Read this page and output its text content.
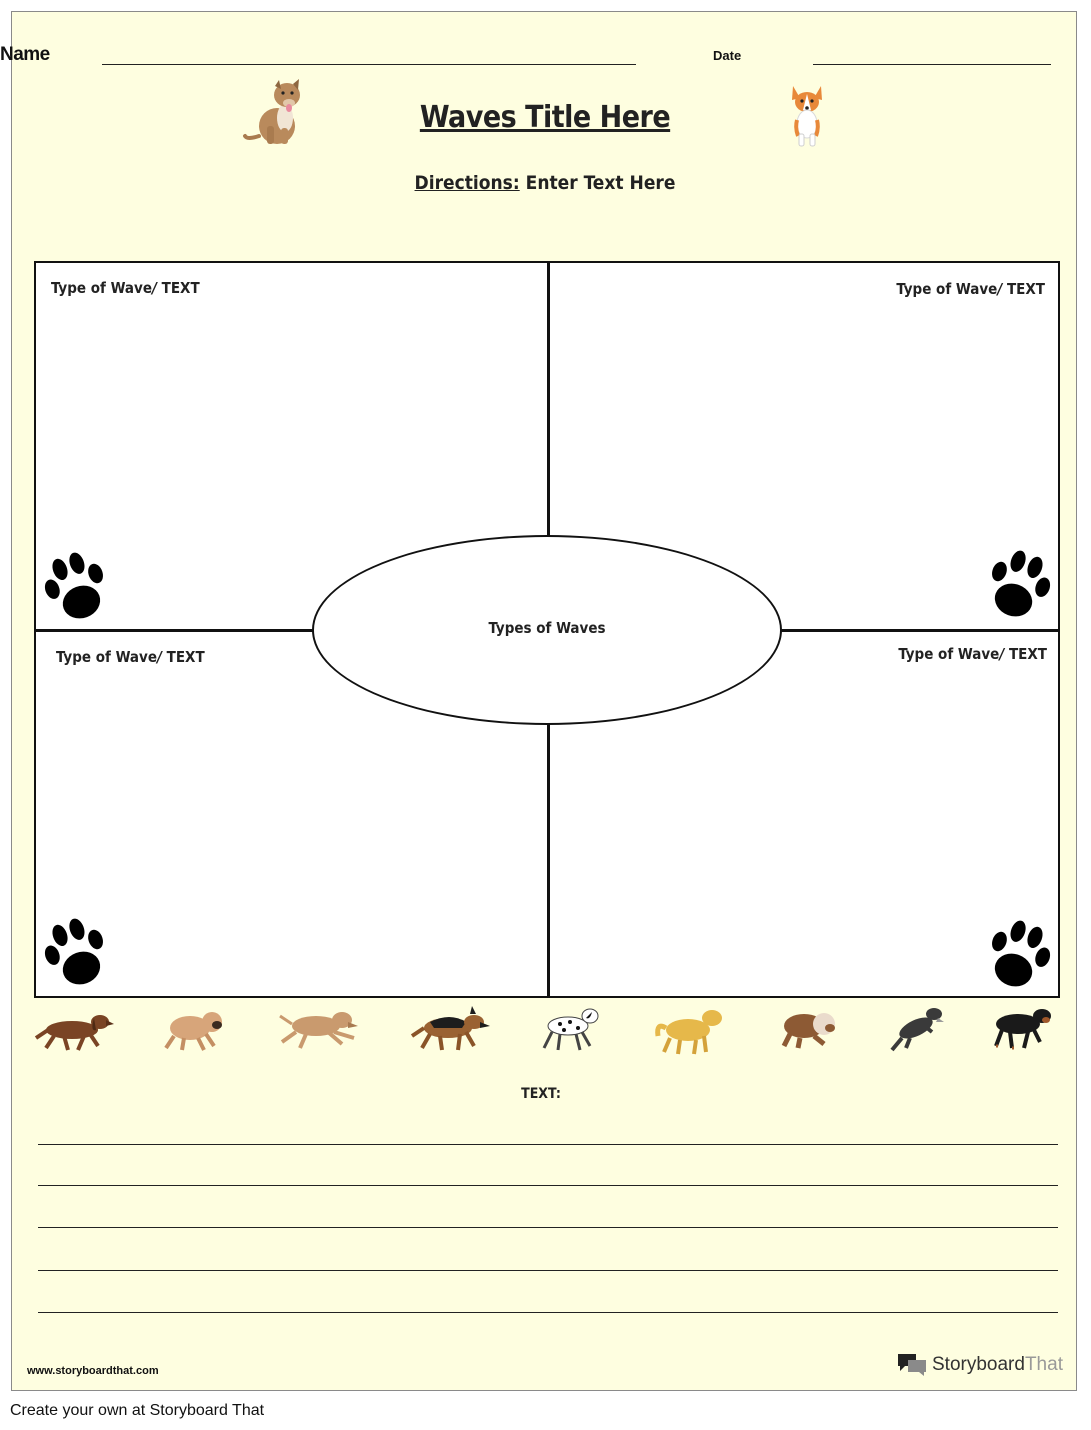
Name	Date
Waves Title Here
Directions: Enter Text Here
Type of Wave/ TEXT	Type of Wave/ TEXT
Type of Wave/ TEXT	Type of Wave/ TEXT
Types of Waves
TEXT:
www.storyboardthat.com	StoryboardThat
Create your own at Storyboard That
